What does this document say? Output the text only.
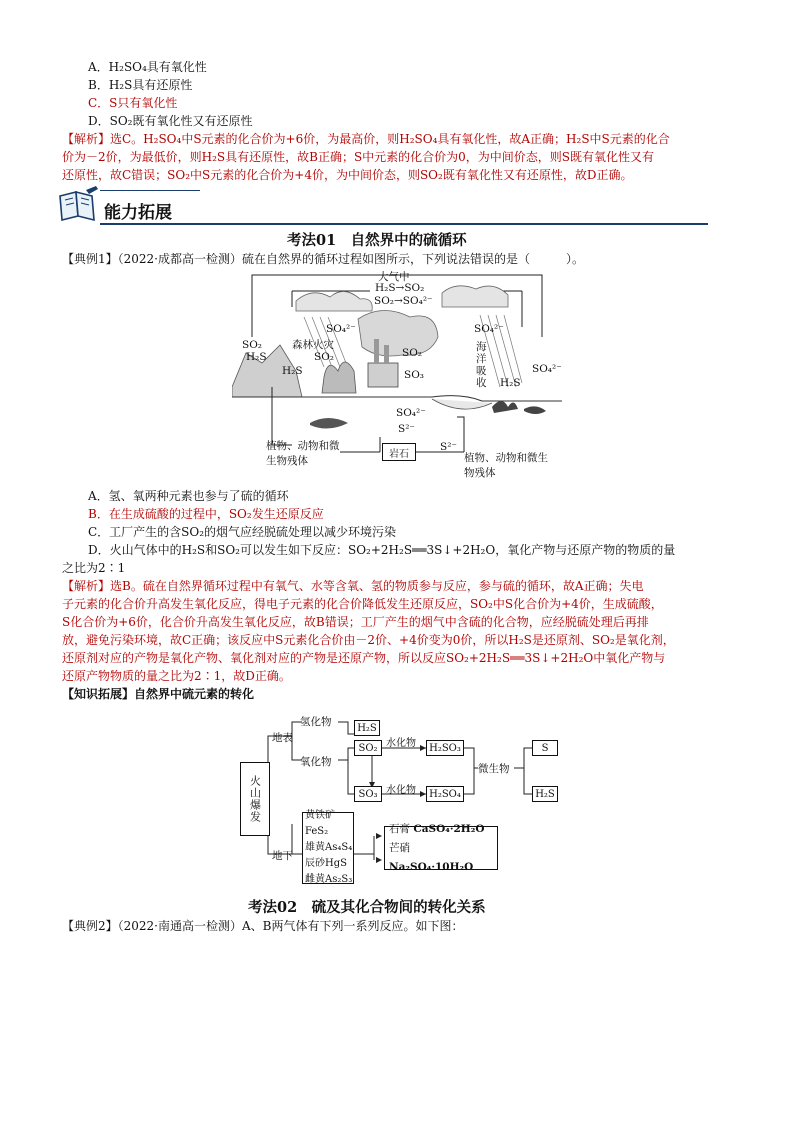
A．H₂SO₄具有氧化性
B．H₂S具有还原性
C．S只有氧化性
D．SO₂既有氧化性又有还原性
【解析】选C。H₂SO₄中S元素的化合价为+6价，为最高价，则H₂SO₄具有氧化性，故A正确；H₂S中S元素的化合
价为－2价，为最低价，则H₂S具有还原性，故B正确；S中元素的化合价为0，为中间价态，则S既有氧化性又有
还原性，故C错误；SO₂中S元素的化合价为+4价，为中间价态，则SO₂既有氧化性又有还原性，故D正确。
能力拓展
考法01　自然界中的硫循环
【典例1】（2022·成都高一检测）硫在自然界的循环过程如图所示，下列说法错误的是（　　　）。
岩石
大气中
H₂S→SO₂
SO₂→SO₄²⁻
SO₂
H₂S
H₂S
SO₄²⁻
森林火灾
SO₂	SO₂
SO₃
SO₄²⁻
海洋吸收 H₂S
SO₄²⁻
SO₄²⁻
S²⁻
S²⁻
植物、动物和微生物残体	植物、动物和微生物残体
A．氢、氧两种元素也参与了硫的循环
B．在生成硫酸的过程中，SO₂发生还原反应
C．工厂产生的含SO₂的烟气应经脱硫处理以减少环境污染
D．火山气体中的H₂S和SO₂可以发生如下反应：SO₂+2H₂S══3S↓+2H₂O，氧化产物与还原产物的物质的量
之比为2∶1
【解析】选B。硫在自然界循环过程中有氧气、水等含氧、氢的物质参与反应，参与硫的循环，故A正确；失电
子元素的化合价升高发生氧化反应，得电子元素的化合价降低发生还原反应，SO₂中S化合价为+4价，生成硫酸，
S化合价为+6价，化合价升高发生氧化反应，故B错误；工厂产生的烟气中含硫的化合物，应经脱硫处理后再排
放，避免污染环境，故C正确；该反应中S元素化合价由－2价、+4价变为0价，所以H₂S是还原剂、SO₂是氧化剂，
还原剂对应的产物是氧化产物、氧化剂对应的产物是还原产物，所以反应SO₂+2H₂S══3S↓+2H₂O中氧化产物与
还原产物物质的量之比为2∶1，故D正确。
【知识拓展】自然界中硫元素的转化
火山爆发
地表
地下
氢化物
氧化物
H₂S
SO₂
SO₃
水化物
水化物
H₂SO₃
H₂SO₄
微生物
S
H₂S
黄铁矿FeS₂
雄黄As₄S₄
辰砂HgS
雌黄As₂S₃
石膏 CaSO₄·2H₂O
芒硝 Na₂SO₄·10H₂O
考法02　硫及其化合物间的转化关系
【典例2】（2022·南通高一检测）A、B两气体有下列一系列反应。如下图：
